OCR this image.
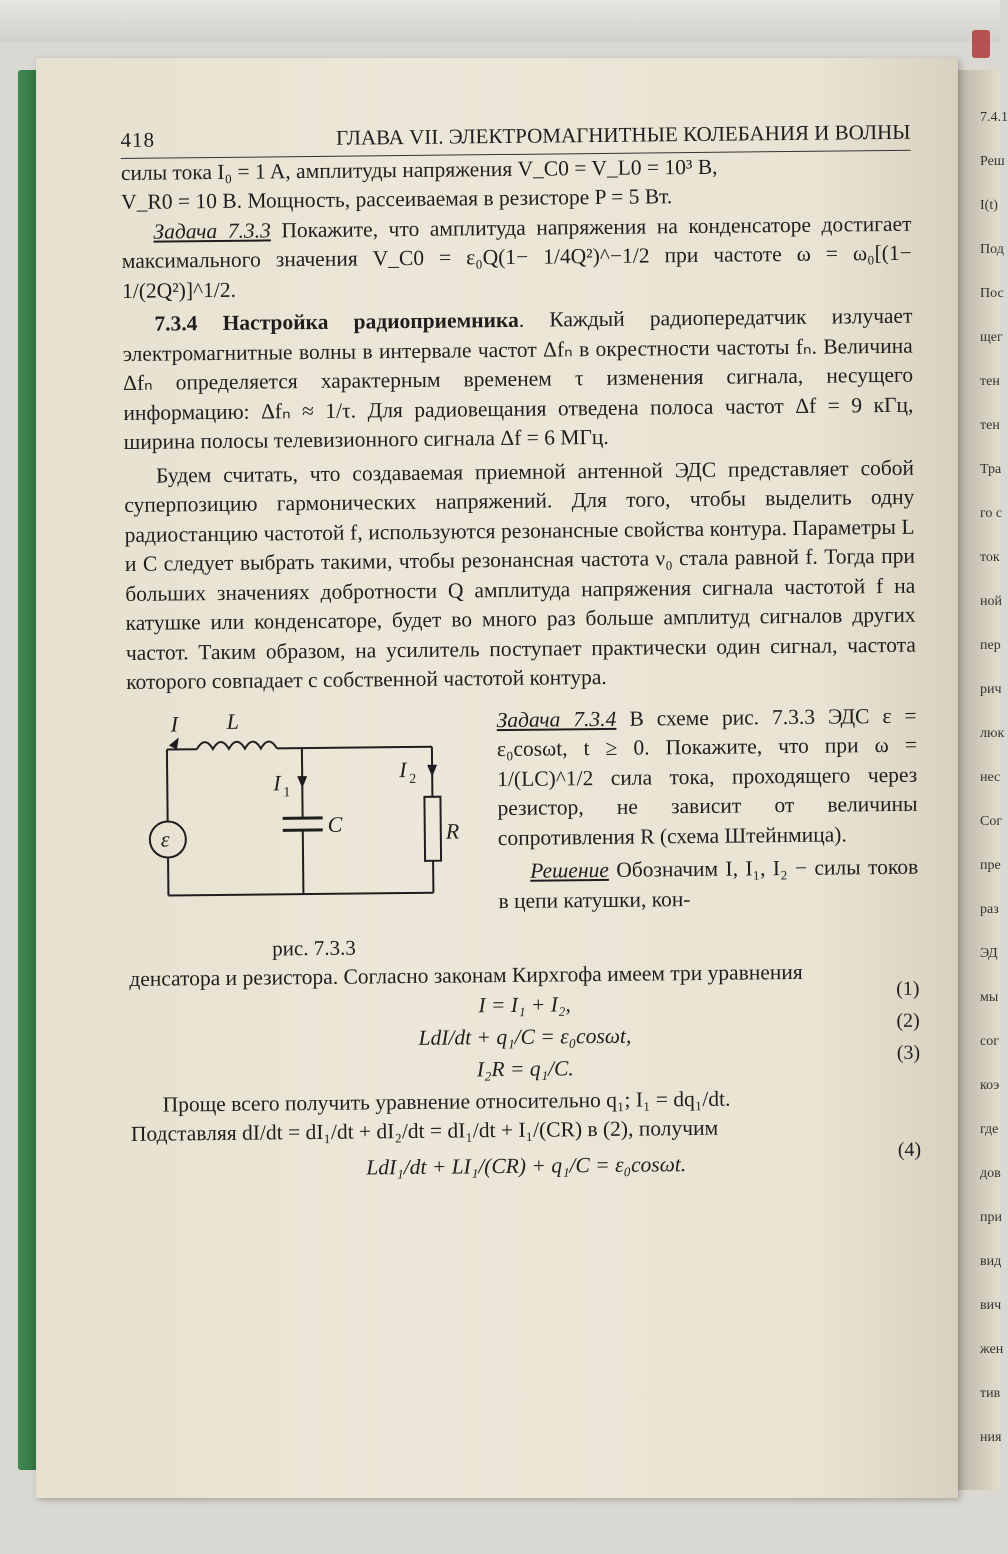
7.4.1
Реш
I(t)
Под
Пос
щег
тен
тен
Тра
го с
ток
ной
пер
рич
люк
нес
Сог
пре
раз
ЭД
мы
сог
коэ
где
дов
при
вид
вич
жен
тив
ния
418	ГЛАВА VII. ЭЛЕКТРОМАГНИТНЫЕ КОЛЕБАНИЯ И ВОЛНЫ

силы тока I₀ = 1 A, амплитуды напряжения V_C0 = V_L0 = 10³ B,

V_R0 = 10 B. Мощность, рассеиваемая в резисторе P = 5 Bт.

Задача 7.3.3 Покажите, что амплитуда напряжения на конденсаторе достигает максимального значения V_C0 = ε₀Q(1− 1/4Q²)^−1/2 при частоте ω = ω₀[(1− 1/(2Q²)]^1/2.

7.3.4 Настройка радиоприемника. Каждый радиопередатчик излучает электромагнитные волны в интервале частот Δfₙ в окрестности частоты fₙ. Величина Δfₙ определяется характерным временем τ изменения сигнала, несущего информацию: Δfₙ ≈ 1/τ. Для радиовещания отведена полоса частот Δf = 9 кГц, ширина полосы телевизионного сигнала Δf = 6 МГц.

Будем считать, что создаваемая приемной антенной ЭДС представляет собой суперпозицию гармонических напряжений. Для того, чтобы выделить одну радиостанцию частотой f, используются резонансные свойства контура. Параметры L и C следует выбрать такими, чтобы резонансная частота ν₀ стала равной f. Тогда при больших значениях добротности Q амплитуда напряжения сигнала частотой f на катушке или конденсаторе, будет во много раз больше амплитуд сигналов других частот. Таким образом, на усилитель поступает практически один сигнал, частота которого совпадает с собственной частотой контура.

I L
I 1
C
I 2
R
ε
рис. 7.3.3

Задача 7.3.4 В схеме рис. 7.3.3 ЭДС ε = ε₀cosωt, t ≥ 0. Покажите, что при ω = 1/(LC)^1/2 сила тока, проходящего через резистор, не зависит от величины сопротивления R (схема Штейнмица).

Решение Обозначим I, I₁, I₂ − силы токов в цепи катушки, кон-

денсатора и резистора. Согласно законам Кирхгофа имеем три уравнения

I = I₁ + I₂,
(1)
LdI/dt + q₁/C = ε₀cosωt,
(2)
I₂R = q₁/C.
(3)

Проще всего получить уравнение относительно q₁; I₁ = dq₁/dt.

Подставляя dI/dt = dI₁/dt + dI₂/dt = dI₁/dt + I₁/(CR) в (2), получим

LdI₁/dt + LI₁/(CR) + q₁/C = ε₀cosωt.
(4)
